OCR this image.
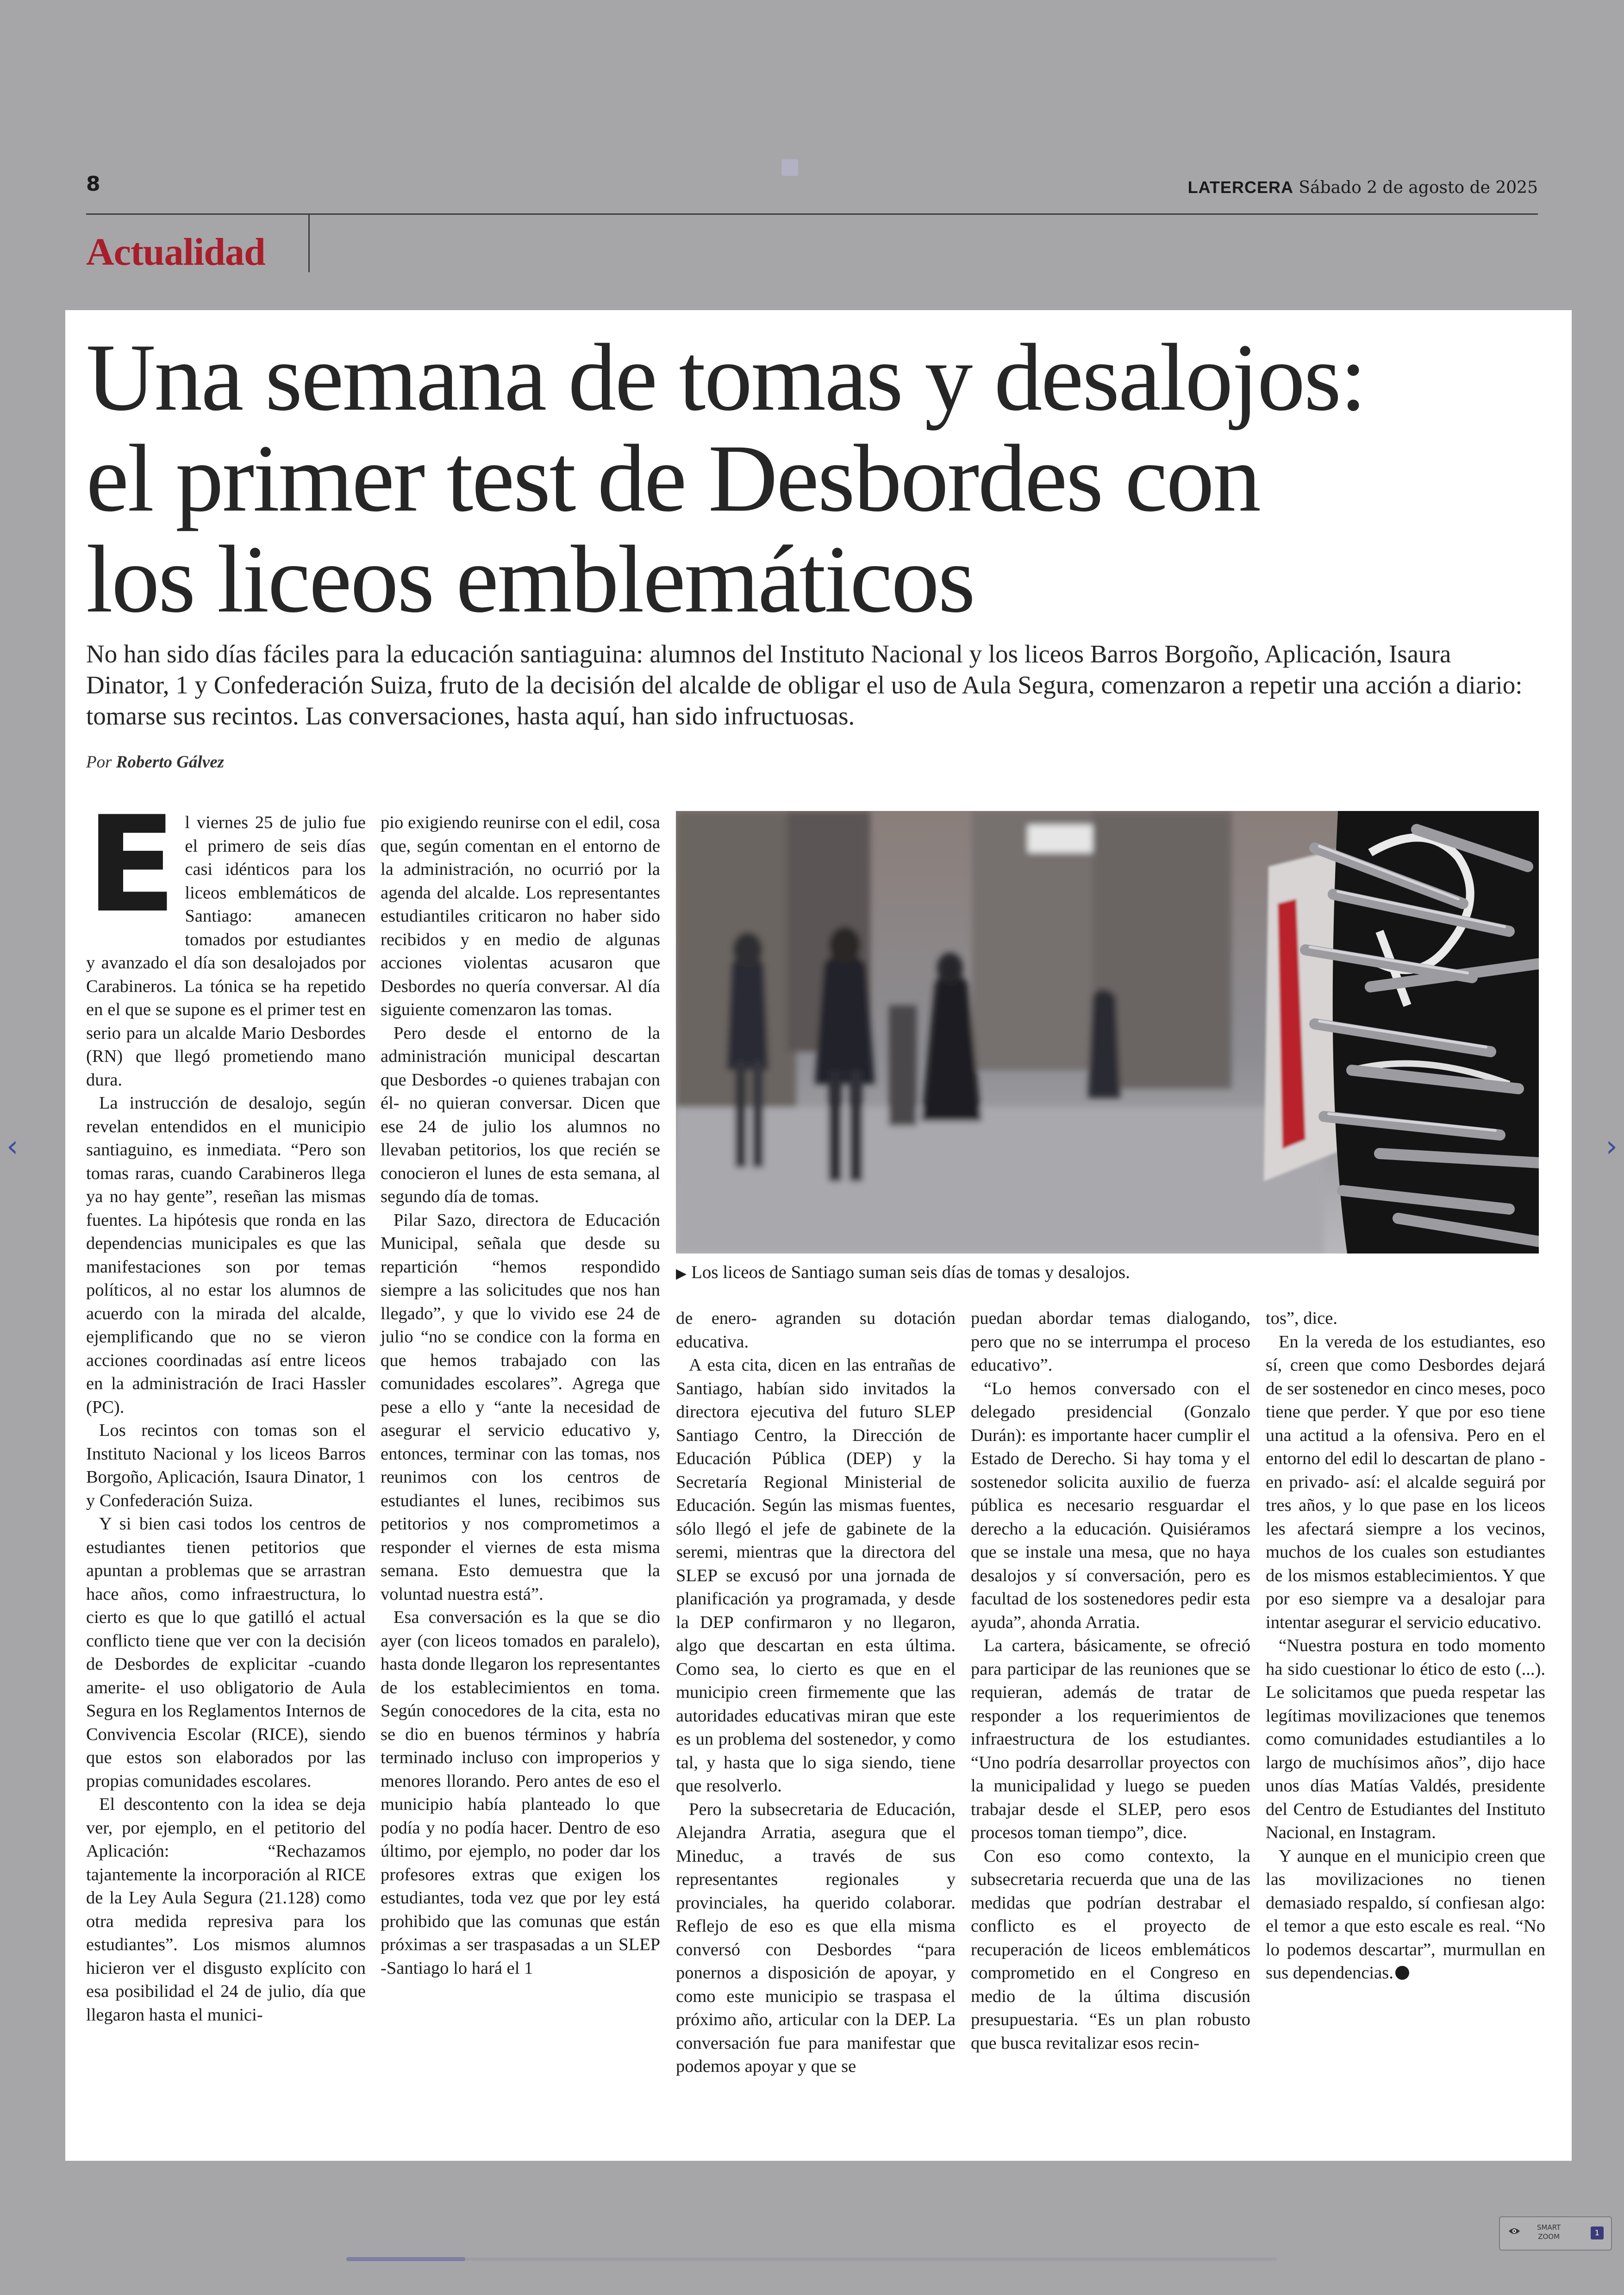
8	LATERCERA Sábado 2 de agosto de 2025
Actualidad
‹	›
Una semana de tomas y desalojos:
el primer test de Desbordes con
los liceos emblemáticos

No han sido días fáciles para la educación santiaguina: alumnos del Instituto Nacional y los liceos Barros Borgoño, Aplicación, Isaura Dinator, 1 y Confederación Suiza, fruto de la decisión del alcalde de obligar el uso de Aula Segura, comenzaron a repetir una acción a diario: tomarse sus recintos. Las conversaciones, hasta aquí, han sido infructuosas.

Por Roberto Gálvez
E l viernes 25 de julio fue el primero de seis días casi idénticos para los liceos emblemáticos de Santiago: amanecen tomados por estudiantes y avanzado el día son desalojados por Carabineros. La tónica se ha repetido en el que se supone es el primer test en serio para un alcalde Mario Desbordes (RN) que llegó prometiendo mano dura.

La instrucción de desalojo, según revelan entendidos en el municipio santiaguino, es inmediata. “Pero son tomas raras, cuando Carabineros llega ya no hay gente”, reseñan las mismas fuentes. La hipótesis que ronda en las dependencias municipales es que las manifestaciones son por temas políticos, al no estar los alumnos de acuerdo con la mirada del alcalde, ejemplificando que no se vieron acciones coordinadas así entre liceos en la administración de Iraci Hassler (PC).

Los recintos con tomas son el Instituto Nacional y los liceos Barros Borgoño, Aplicación, Isaura Dinator, 1 y Confederación Suiza.

Y si bien casi todos los centros de estudiantes tienen petitorios que apuntan a problemas que se arrastran hace años, como infraestructura, lo cierto es que lo que gatilló el actual conflicto tiene que ver con la decisión de Desbordes de explicitar -cuando amerite- el uso obligatorio de Aula Segura en los Reglamentos Internos de Convivencia Escolar (RICE), siendo que estos son elaborados por las propias comunidades escolares.

El descontento con la idea se deja ver, por ejemplo, en el petitorio del Aplicación: “Rechazamos tajantemente la incorporación al RICE de la Ley Aula Segura (21.128) como otra medida represiva para los estudiantes”. Los mismos alumnos hicieron ver el disgusto explícito con esa posibilidad el 24 de julio, día que llegaron hasta el munici-

pio exigiendo reunirse con el edil, cosa que, según comentan en el entorno de la administración, no ocurrió por la agenda del alcalde. Los representantes estudiantiles criticaron no haber sido recibidos y en medio de algunas acciones violentas acusaron que Desbordes no quería conversar. Al día siguiente comenzaron las tomas.

Pero desde el entorno de la administración municipal descartan que Desbordes -o quienes trabajan con él- no quieran conversar. Dicen que ese 24 de julio los alumnos no llevaban petitorios, los que recién se conocieron el lunes de esta semana, al segundo día de tomas.

Pilar Sazo, directora de Educación Municipal, señala que desde su repartición “hemos respondido siempre a las solicitudes que nos han llegado”, y que lo vivido ese 24 de julio “no se condice con la forma en que hemos trabajado con las comunidades escolares”. Agrega que pese a ello y “ante la necesidad de asegurar el servicio educativo y, entonces, terminar con las tomas, nos reunimos con los centros de estudiantes el lunes, recibimos sus petitorios y nos comprometimos a responder el viernes de esta misma semana. Esto demuestra que la voluntad nuestra está”.

Esa conversación es la que se dio ayer (con liceos tomados en paralelo), hasta donde llegaron los representantes de los establecimientos en toma. Según conocedores de la cita, esta no se dio en buenos términos y habría terminado incluso con improperios y menores llorando. Pero antes de eso el municipio había planteado lo que podía y no podía hacer. Dentro de eso último, por ejemplo, no poder dar los profesores extras que exigen los estudiantes, toda vez que por ley está prohibido que las comunas que están próximas a ser traspasadas a un SLEP -Santiago lo hará el 1

▶ Los liceos de Santiago suman seis días de tomas y desalojos.

de enero- agranden su dotación educativa.

A esta cita, dicen en las entrañas de Santiago, habían sido invitados la directora ejecutiva del futuro SLEP Santiago Centro, la Dirección de Educación Pública (DEP) y la Secretaría Regional Ministerial de Educación. Según las mismas fuentes, sólo llegó el jefe de gabinete de la seremi, mientras que la directora del SLEP se excusó por una jornada de planificación ya programada, y desde la DEP confirmaron y no llegaron, algo que descartan en esta última. Como sea, lo cierto es que en el municipio creen firmemente que las autoridades educativas miran que este es un problema del sostenedor, y como tal, y hasta que lo siga siendo, tiene que resolverlo.

Pero la subsecretaria de Educación, Alejandra Arratia, asegura que el Mineduc, a través de sus representantes regionales y provinciales, ha querido colaborar. Reflejo de eso es que ella misma conversó con Desbordes “para ponernos a disposición de apoyar, y como este municipio se traspasa el próximo año, articular con la DEP. La conversación fue para manifestar que podemos apoyar y que se

puedan abordar temas dialogando, pero que no se interrumpa el proceso educativo”.

“Lo hemos conversado con el delegado presidencial (Gonzalo Durán): es importante hacer cumplir el Estado de Derecho. Si hay toma y el sostenedor solicita auxilio de fuerza pública es necesario resguardar el derecho a la educación. Quisiéramos que se instale una mesa, que no haya desalojos y sí conversación, pero es facultad de los sostenedores pedir esta ayuda”, ahonda Arratia.

La cartera, básicamente, se ofreció para participar de las reuniones que se requieran, además de tratar de responder a los requerimientos de infraestructura de los estudiantes. “Uno podría desarrollar proyectos con la municipalidad y luego se pueden trabajar desde el SLEP, pero esos procesos toman tiempo”, dice.

Con eso como contexto, la subsecretaria recuerda que una de las medidas que podrían destrabar el conflicto es el proyecto de recuperación de liceos emblemáticos comprometido en el Congreso en medio de la última discusión presupuestaria. “Es un plan robusto que busca revitalizar esos recin-

tos”, dice.

En la vereda de los estudiantes, eso sí, creen que como Desbordes dejará de ser sostenedor en cinco meses, poco tiene que perder. Y que por eso tiene una actitud a la ofensiva. Pero en el entorno del edil lo descartan de plano -en privado- así: el alcalde seguirá por tres años, y lo que pase en los liceos les afectará siempre a los vecinos, muchos de los cuales son estudiantes de los mismos establecimientos. Y que por eso siempre va a desalojar para intentar asegurar el servicio educativo.

“Nuestra postura en todo momento ha sido cuestionar lo ético de esto (...). Le solicitamos que pueda respetar las legítimas movilizaciones que tenemos como comunidades estudiantiles a lo largo de muchísimos años”, dijo hace unos días Matías Valdés, presidente del Centro de Estudiantes del Instituto Nacional, en Instagram.

Y aunque en el municipio creen que las movilizaciones no tienen demasiado respaldo, sí confiesan algo: el temor a que esto escale es real. “No lo podemos descartar”, murmullan en sus dependencias.

SMART
ZOOM	1
